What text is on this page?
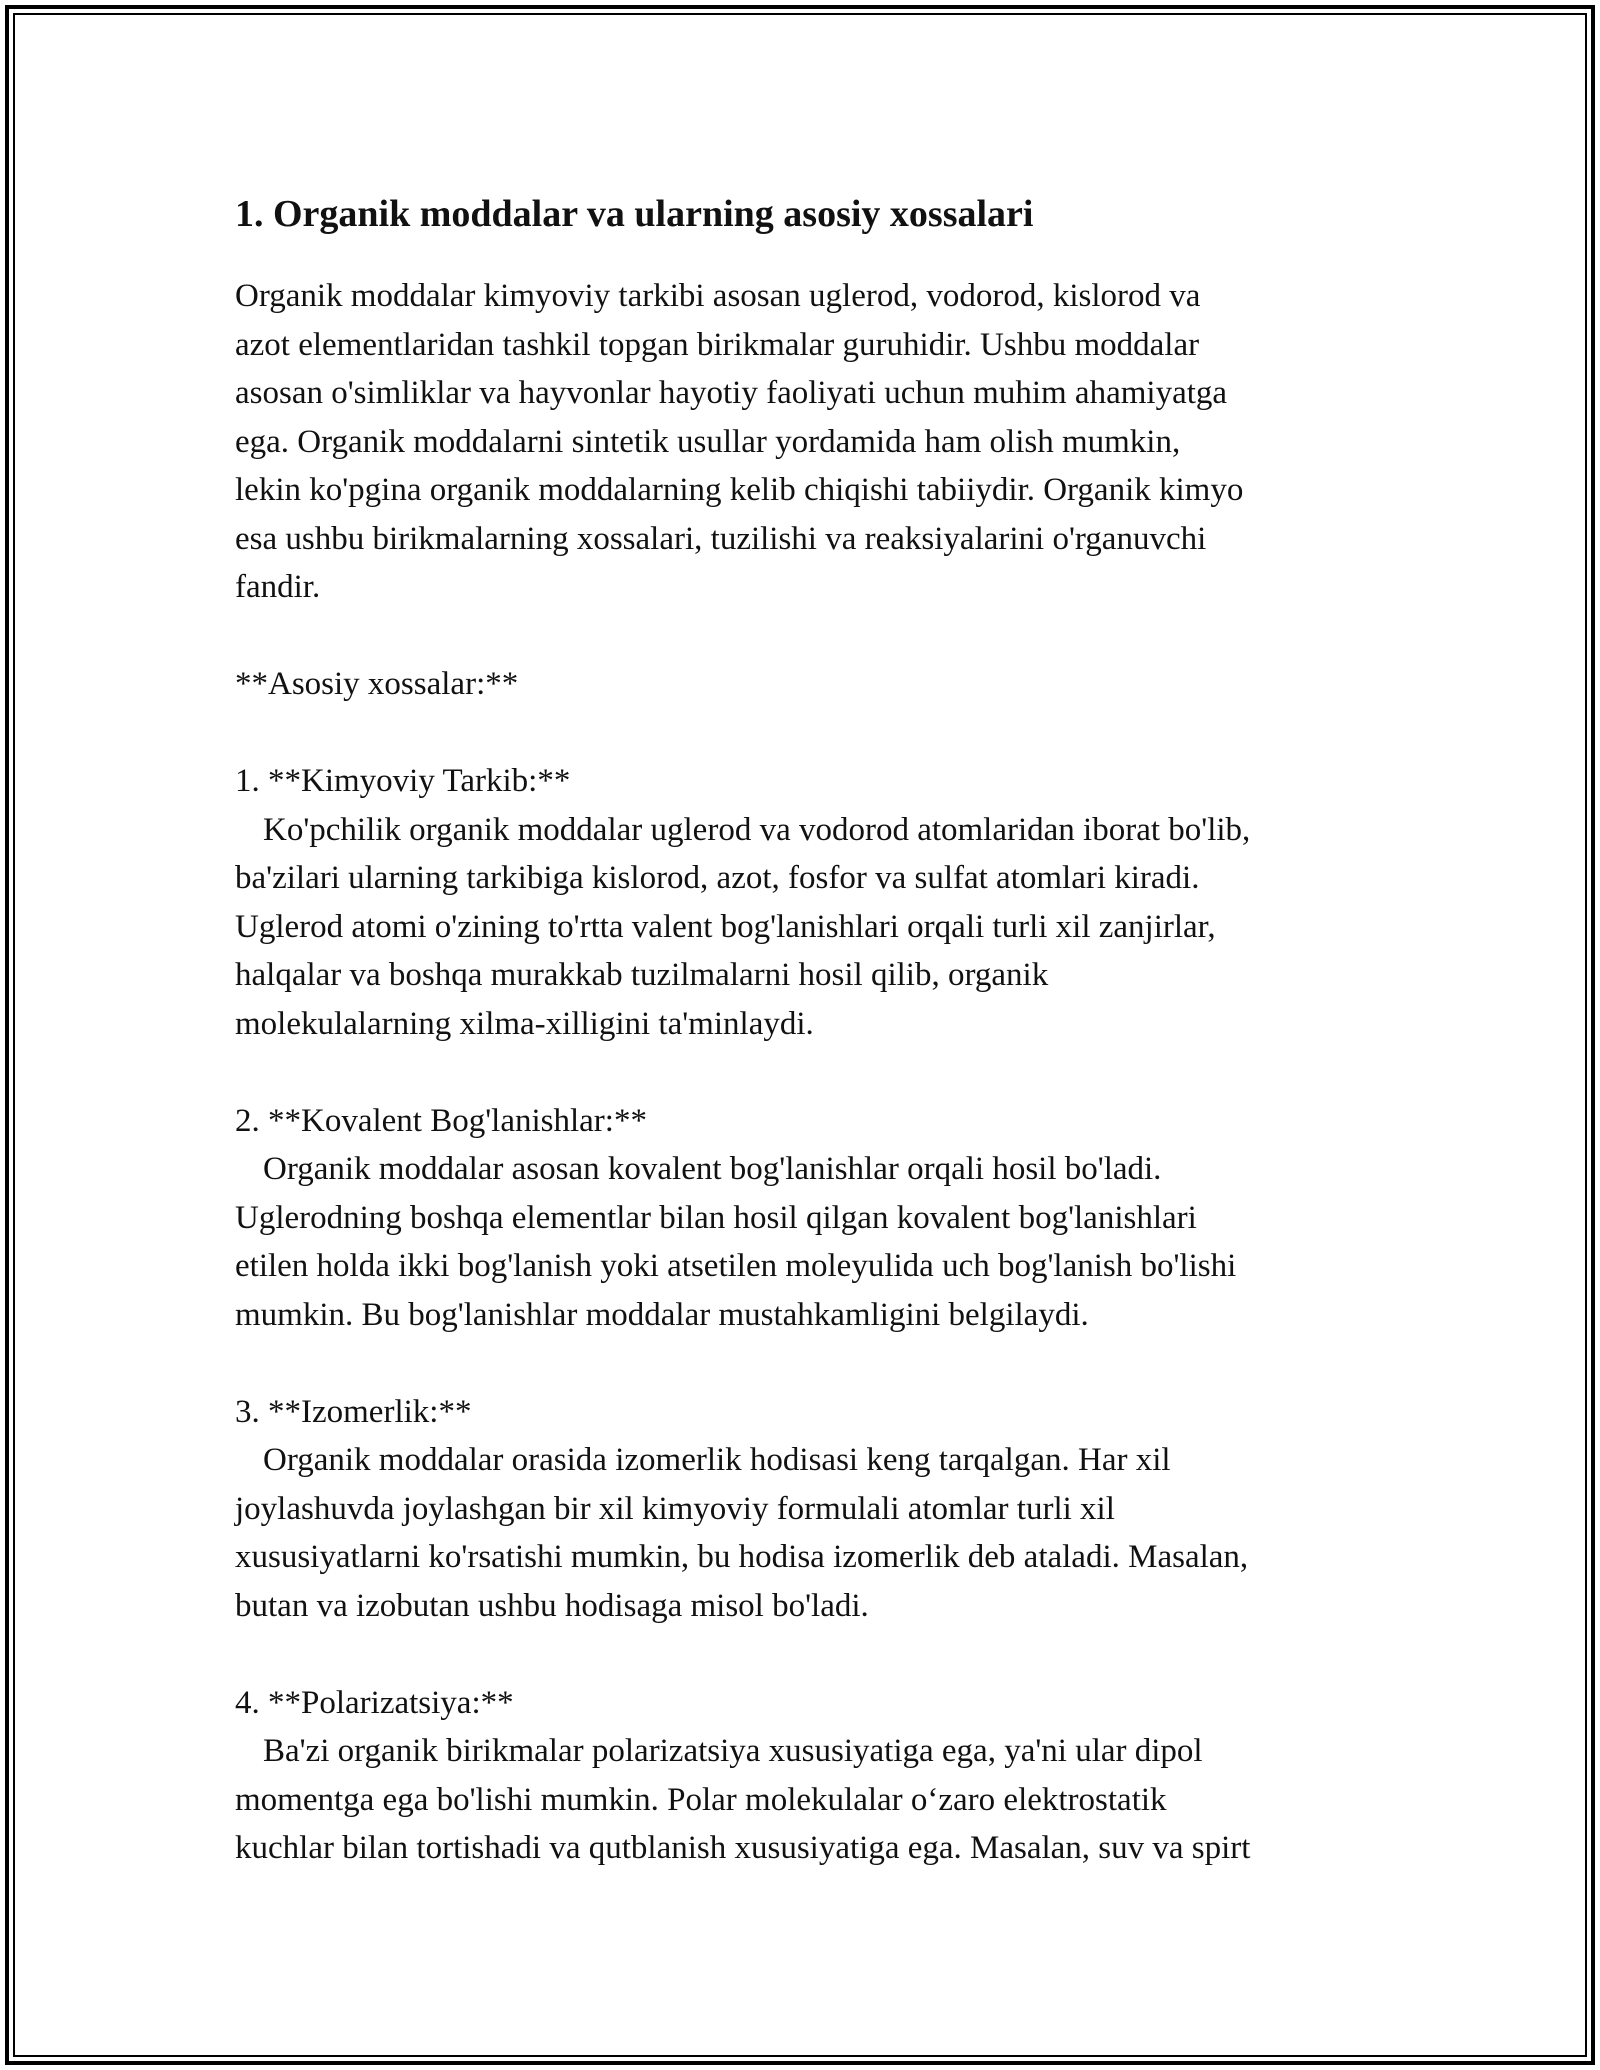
1. Organik moddalar va ularning asosiy xossalari

Organik moddalar kimyoviy tarkibi asosan uglerod, vodorod, kislorod va
azot elementlaridan tashkil topgan birikmalar guruhidir. Ushbu moddalar
asosan o'simliklar va hayvonlar hayotiy faoliyati uchun muhim ahamiyatga
ega. Organik moddalarni sintetik usullar yordamida ham olish mumkin,
lekin ko'pgina organik moddalarning kelib chiqishi tabiiydir. Organik kimyo
esa ushbu birikmalarning xossalari, tuzilishi va reaksiyalarini o'rganuvchi
fandir.

**Asosiy xossalar:**

1. **Kimyoviy Tarkib:**

Ko'pchilik organik moddalar uglerod va vodorod atomlaridan iborat bo'lib,
ba'zilari ularning tarkibiga kislorod, azot, fosfor va sulfat atomlari kiradi.
Uglerod atomi o'zining to'rtta valent bog'lanishlari orqali turli xil zanjirlar,
halqalar va boshqa murakkab tuzilmalarni hosil qilib, organik
molekulalarning xilma-xilligini ta'minlaydi.

2. **Kovalent Bog'lanishlar:**

Organik moddalar asosan kovalent bog'lanishlar orqali hosil bo'ladi.
Uglerodning boshqa elementlar bilan hosil qilgan kovalent bog'lanishlari
etilen holda ikki bog'lanish yoki atsetilen moleyulida uch bog'lanish bo'lishi
mumkin. Bu bog'lanishlar moddalar mustahkamligini belgilaydi.

3. **Izomerlik:**

Organik moddalar orasida izomerlik hodisasi keng tarqalgan. Har xil
joylashuvda joylashgan bir xil kimyoviy formulali atomlar turli xil
xususiyatlarni ko'rsatishi mumkin, bu hodisa izomerlik deb ataladi. Masalan,
butan va izobutan ushbu hodisaga misol bo'ladi.

4. **Polarizatsiya:**

Ba'zi organik birikmalar polarizatsiya xususiyatiga ega, ya'ni ular dipol
momentga ega bo'lishi mumkin. Polar molekulalar o‘zaro elektrostatik
kuchlar bilan tortishadi va qutblanish xususiyatiga ega. Masalan, suv va spirt
